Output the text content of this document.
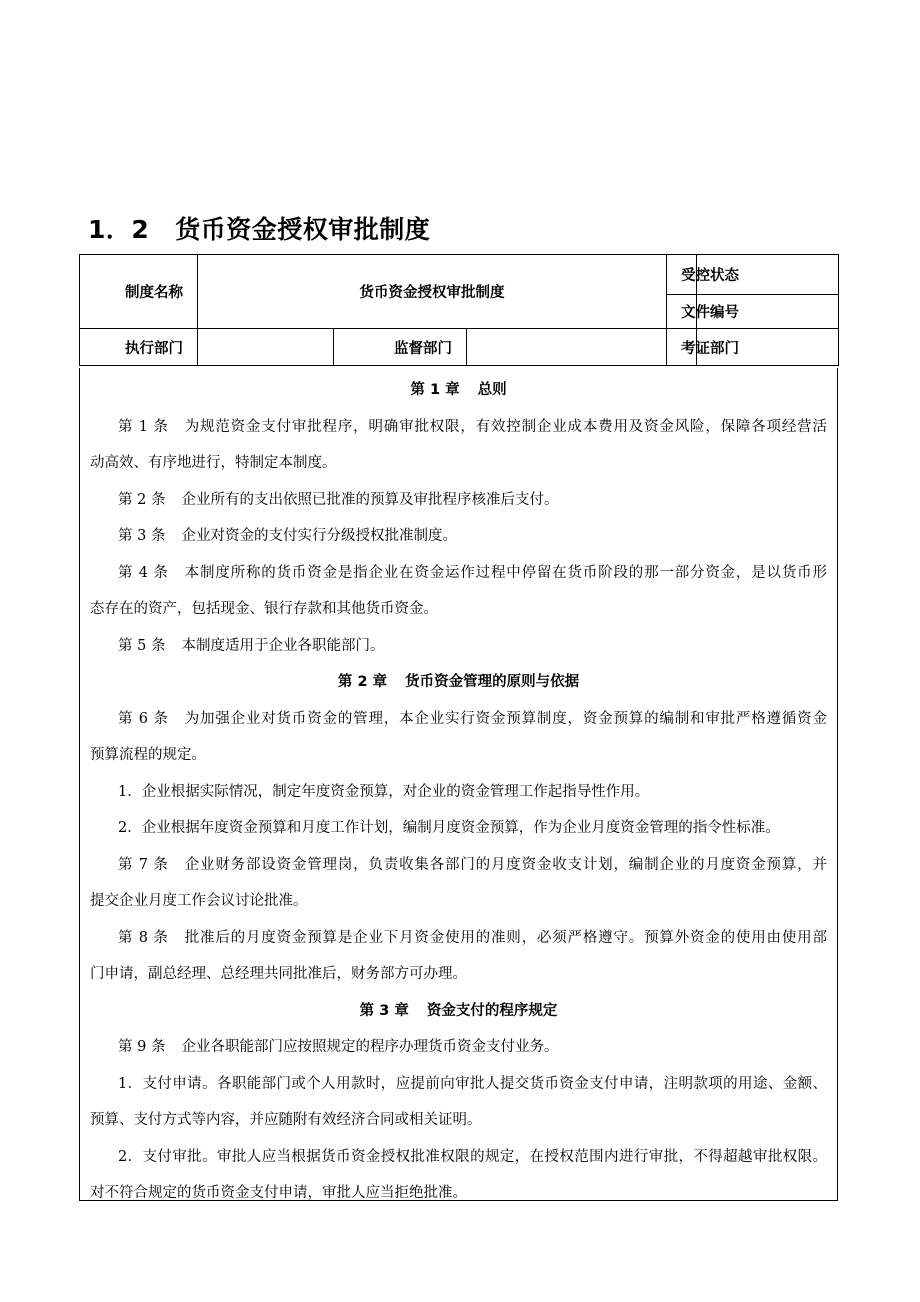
1．2 货币资金授权审批制度
制度名称	货币资金授权审批制度			受控状态	
				文件编号	
执行部门		监督部门		考证部门	
第 1 章 总则
第 1 条 为规范资金支付审批程序，明确审批权限，有效控制企业成本费用及资金风险，保障各项经营活
动高效、有序地进行，特制定本制度。
第 2 条 企业所有的支出依照已批准的预算及审批程序核准后支付。
第 3 条 企业对资金的支付实行分级授权批准制度。
第 4 条 本制度所称的货币资金是指企业在资金运作过程中停留在货币阶段的那一部分资金，是以货币形
态存在的资产，包括现金、银行存款和其他货币资金。
第 5 条 本制度适用于企业各职能部门。
第 2 章 货币资金管理的原则与依据
第 6 条 为加强企业对货币资金的管理，本企业实行资金预算制度，资金预算的编制和审批严格遵循资金
预算流程的规定。
1．企业根据实际情况，制定年度资金预算，对企业的资金管理工作起指导性作用。
2．企业根据年度资金预算和月度工作计划，编制月度资金预算，作为企业月度资金管理的指令性标准。
第 7 条 企业财务部设资金管理岗，负责收集各部门的月度资金收支计划，编制企业的月度资金预算，并
提交企业月度工作会议讨论批准。
第 8 条 批准后的月度资金预算是企业下月资金使用的准则，必须严格遵守。预算外资金的使用由使用部
门申请，副总经理、总经理共同批准后，财务部方可办理。
第 3 章 资金支付的程序规定
第 9 条 企业各职能部门应按照规定的程序办理货币资金支付业务。
1．支付申请。各职能部门或个人用款时，应提前向审批人提交货币资金支付申请，注明款项的用途、金额、
预算、支付方式等内容，并应随附有效经济合同或相关证明。
2．支付审批。审批人应当根据货币资金授权批准权限的规定，在授权范围内进行审批，不得超越审批权限。
对不符合规定的货币资金支付申请，审批人应当拒绝批准。
